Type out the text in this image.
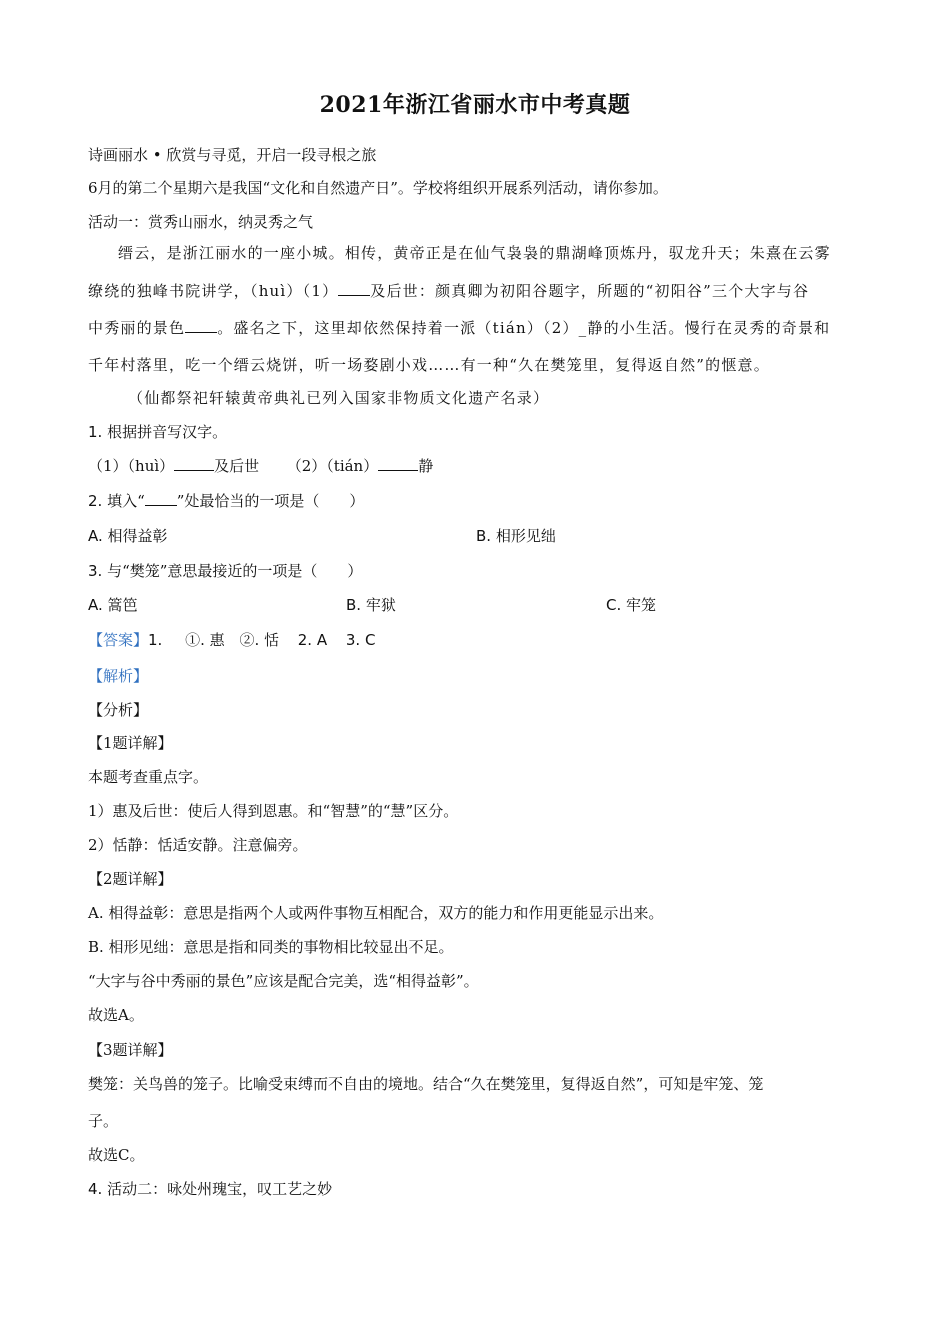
2021年浙江省丽水市中考真题
诗画丽水 • 欣赏与寻觅，开启一段寻根之旅
6月的第二个星期六是我国“文化和自然遗产日”。学校将组织开展系列活动，请你参加。
活动一：赏秀山丽水，纳灵秀之气
缙云，是浙江丽水的一座小城。相传，黄帝正是在仙气袅袅的鼎湖峰顶炼丹，驭龙升天；朱熹在云雾
缭绕的独峰书院讲学，（huì）（1） 及后世：颜真卿为初阳谷题字，所题的“初阳谷”三个大字与谷
中秀丽的景色 。盛名之下，这里却依然保持着一派（tián）（2）_静的小生活。慢行在灵秀的奇景和
千年村落里，吃一个缙云烧饼，听一场婺剧小戏……有一种“久在樊笼里，复得返自然”的惬意。
（仙都祭祀轩辕黄帝典礼已列入国家非物质文化遗产名录）
1. 根据拼音写汉字。
（1）（huì）	及后世 （2）（tián）	静
2. 填入“ ”处最恰当的一项是（　　）
A. 相得益彰	B. 相形见绌
3. 与“樊笼”意思最接近的一项是（　　）
A. 篙笆	B. 牢狱	C. 牢笼
【答案】1. ①. 惠 ②. 恬 2. A 3. C
【解析】
【分析】
【1题详解】
本题考查重点字。
1）惠及后世：使后人得到恩惠。和“智慧”的“慧”区分。
2）恬静：恬适安静。注意偏旁。
【2题详解】
A. 相得益彰：意思是指两个人或两件事物互相配合，双方的能力和作用更能显示出来。
B. 相形见绌：意思是指和同类的事物相比较显出不足。
“大字与谷中秀丽的景色”应该是配合完美，选“相得益彰”。
故选A。
【3题详解】
樊笼：关鸟兽的笼子。比喻受束缚而不自由的境地。结合“久在樊笼里，复得返自然”，可知是牢笼、笼
子。
故选C。
4. 活动二：咏处州瑰宝，叹工艺之妙
